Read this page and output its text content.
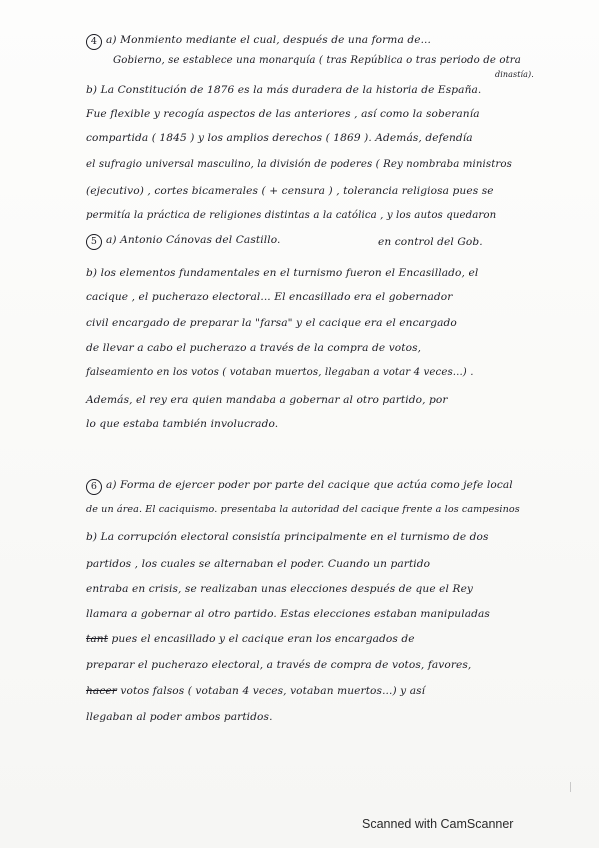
4 a) Monmiento mediante el cual, después de una forma de...
Gobierno, se establece una monarquía ( tras República o tras periodo de otra
dinastía).
b) La Constitución de 1876 es la más duradera de la historia de España.
Fue flexible y recogía aspectos de las anteriores , así como la soberanía
compartida ( 1845 ) y los amplios derechos ( 1869 ). Además, defendía
el sufragio universal masculino, la división de poderes ( Rey nombraba ministros
(ejecutivo) , cortes bicamerales ( + censura ) , tolerancia religiosa pues se
permitía la práctica de religiones distintas a la católica , y los autos quedaron
5 a) Antonio Cánovas del Castillo.	en control del Gob.
b) los elementos fundamentales en el turnismo fueron el Encasillado, el
cacique , el pucherazo electoral... El encasillado era el gobernador
civil encargado de preparar la "farsa" y el cacique era el encargado
de llevar a cabo el pucherazo a través de la compra de votos,
falseamiento en los votos ( votaban muertos, llegaban a votar 4 veces...) .
Además, el rey era quien mandaba a gobernar al otro partido, por
lo que estaba también involucrado.
6 a) Forma de ejercer poder por parte del cacique que actúa como jefe local
de un área. El caciquismo. presentaba la autoridad del cacique frente a los campesinos
b) La corrupción electoral consistía principalmente en el turnismo de dos
partidos , los cuales se alternaban el poder. Cuando un partido
entraba en crisis, se realizaban unas elecciones después de que el Rey
llamara a gobernar al otro partido. Estas elecciones estaban manipuladas
tant pues el encasillado y el cacique eran los encargados de
preparar el pucherazo electoral, a través de compra de votos, favores,
hacer votos falsos ( votaban 4 veces, votaban muertos...) y así
llegaban al poder ambos partidos.
Scanned with CamScanner
